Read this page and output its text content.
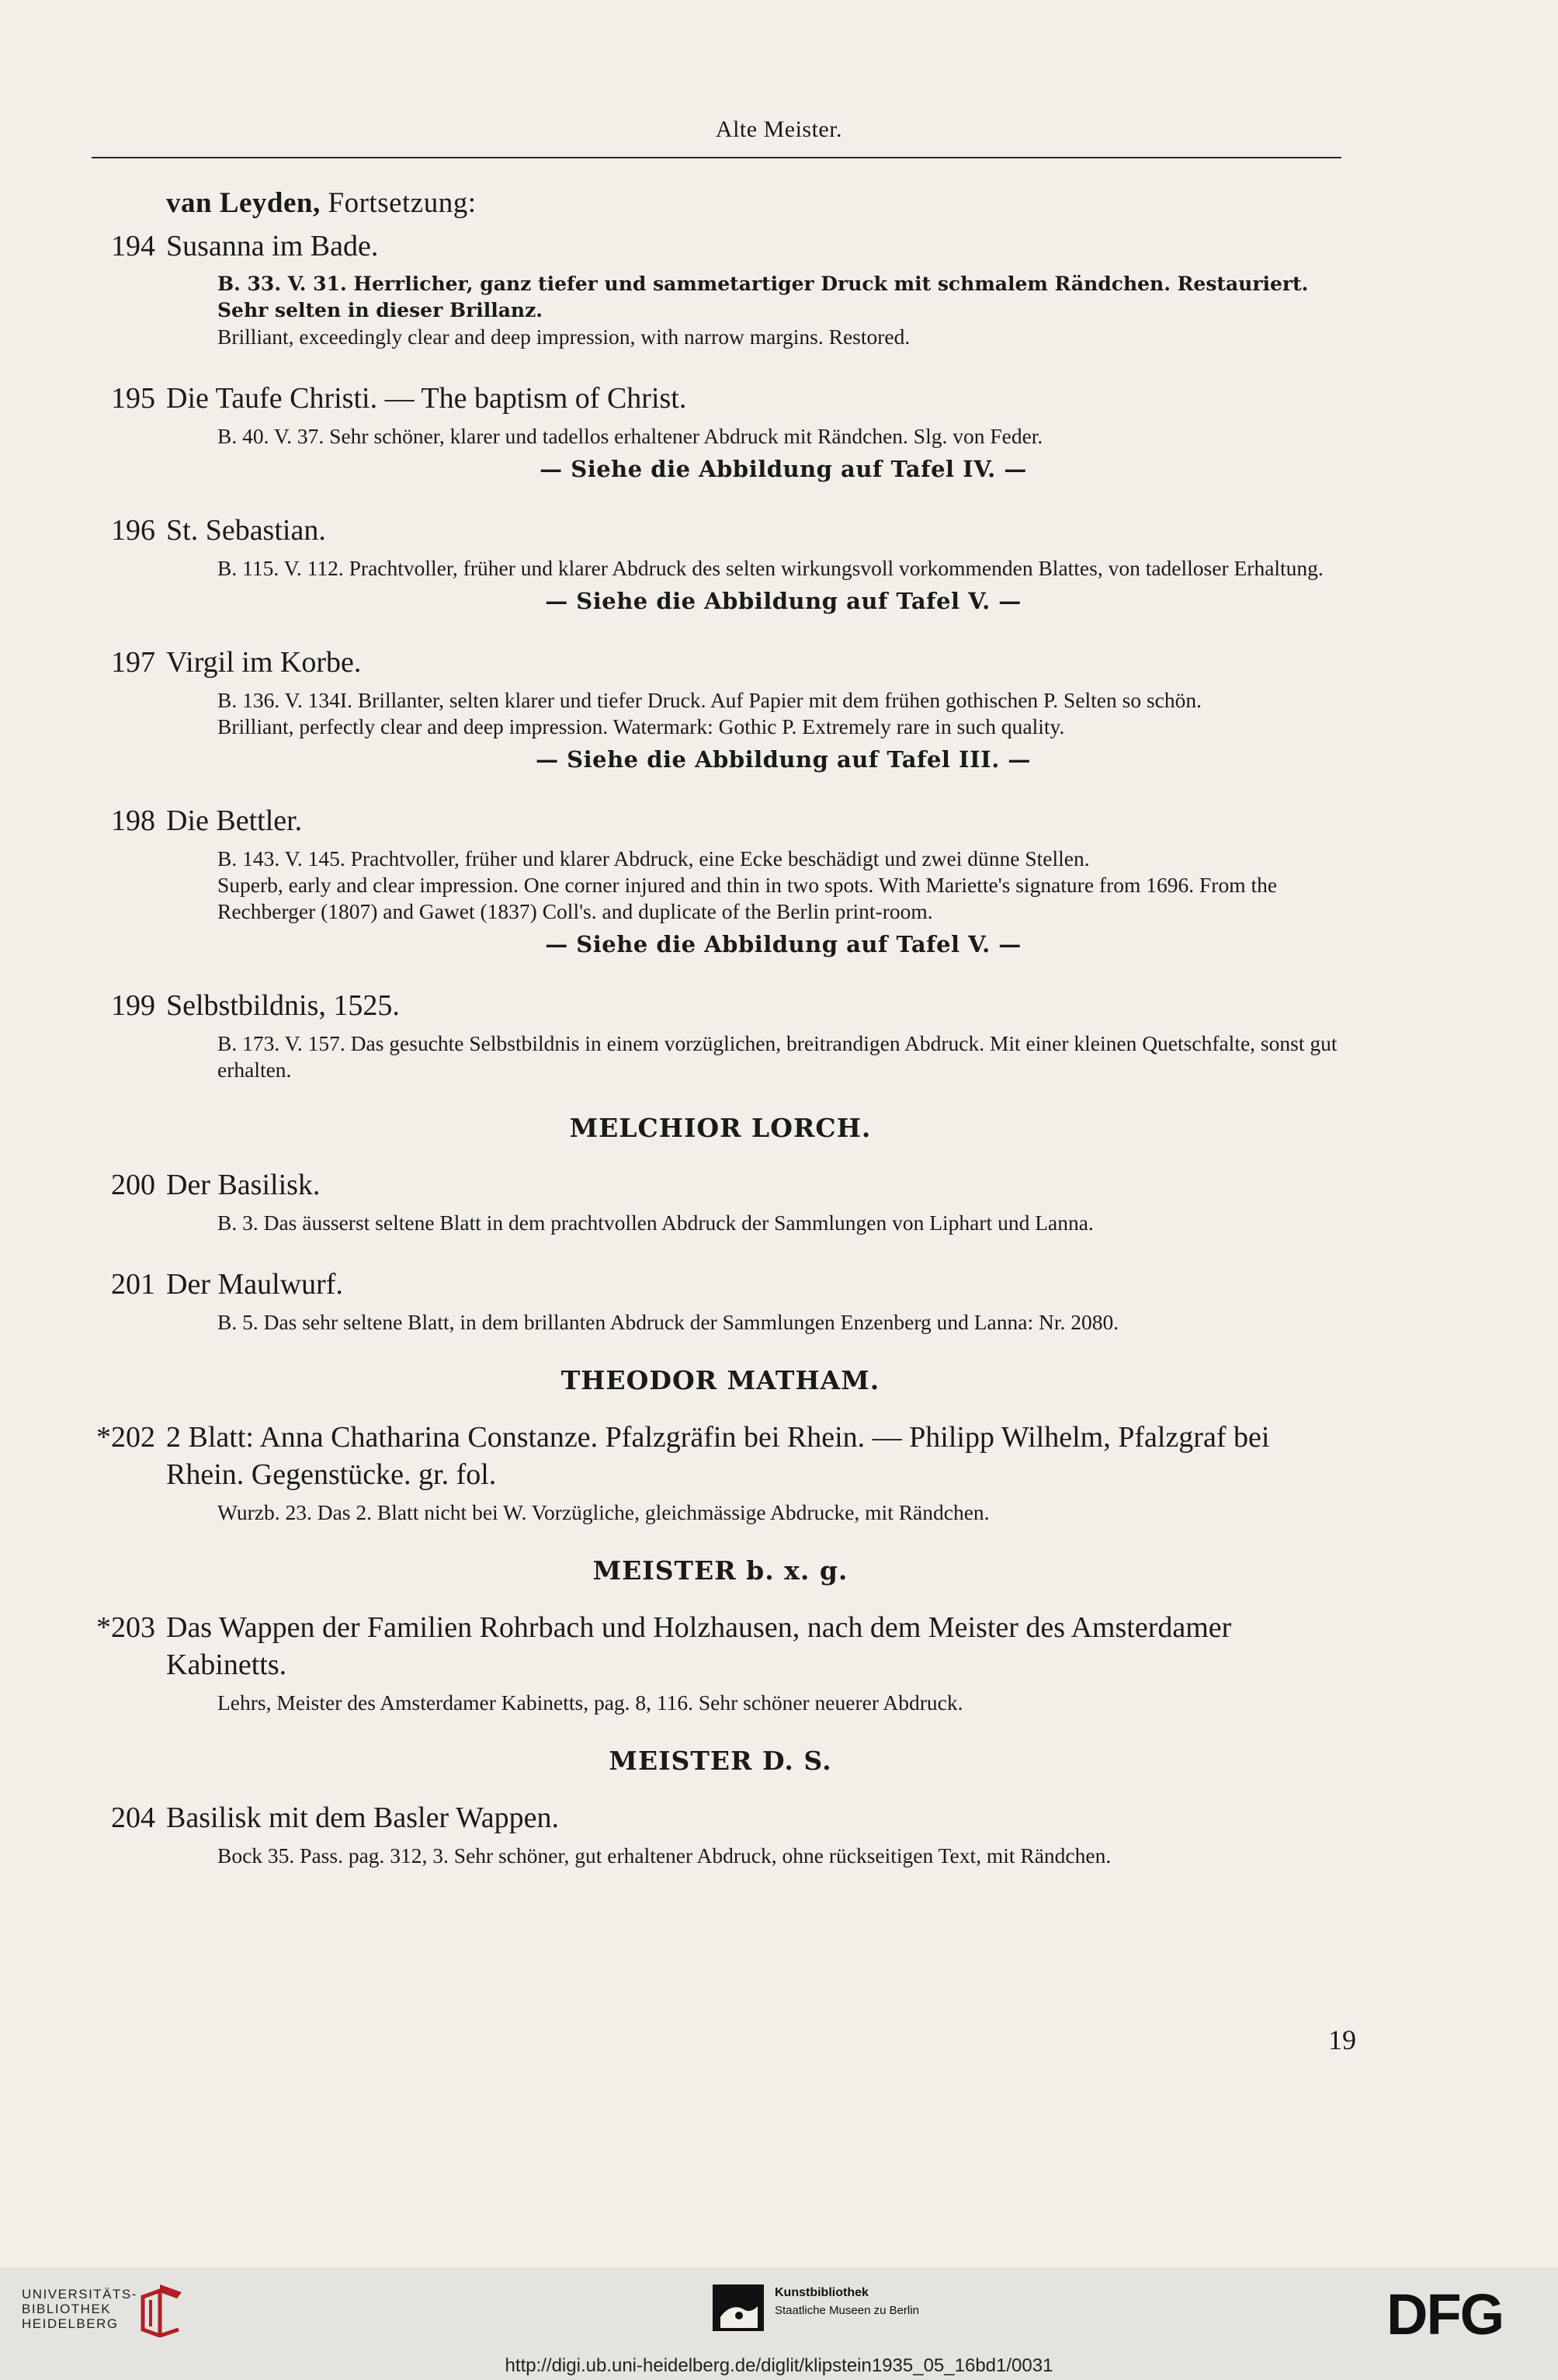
Alte Meister.
van Leyden, Fortsetzung:
194 Susanna im Bade.

B. 33. V. 31. Herrlicher, ganz tiefer und sammetartiger Druck mit schmalem Rändchen. Restauriert. Sehr selten in dieser Brillanz.

Brilliant, exceedingly clear and deep impression, with narrow margins. Restored.

195 Die Taufe Christi. — The baptism of Christ.

B. 40. V. 37. Sehr schöner, klarer und tadellos erhaltener Abdruck mit Rändchen. Slg. von Feder.

— Siehe die Abbildung auf Tafel IV. —
196 St. Sebastian.

B. 115. V. 112. Prachtvoller, früher und klarer Abdruck des selten wirkungsvoll vorkommenden Blattes, von tadelloser Erhaltung.

— Siehe die Abbildung auf Tafel V. —
197 Virgil im Korbe.

B. 136. V. 134I. Brillanter, selten klarer und tiefer Druck. Auf Papier mit dem frühen gothischen P. Selten so schön.

Brilliant, perfectly clear and deep impression. Watermark: Gothic P. Extremely rare in such quality.

— Siehe die Abbildung auf Tafel III. —
198 Die Bettler.

B. 143. V. 145. Prachtvoller, früher und klarer Abdruck, eine Ecke beschädigt und zwei dünne Stellen.

Superb, early and clear impression. One corner injured and thin in two spots. With Mariette's signature from 1696. From the Rechberger (1807) and Gawet (1837) Coll's. and duplicate of the Berlin print-room.

— Siehe die Abbildung auf Tafel V. —
199 Selbstbildnis, 1525.

B. 173. V. 157. Das gesuchte Selbstbildnis in einem vorzüglichen, breitrandigen Abdruck. Mit einer kleinen Quetschfalte, sonst gut erhalten.

MELCHIOR LORCH.
200 Der Basilisk.

B. 3. Das äusserst seltene Blatt in dem prachtvollen Abdruck der Sammlungen von Liphart und Lanna.

201 Der Maulwurf.

B. 5. Das sehr seltene Blatt, in dem brillanten Abdruck der Sammlungen Enzenberg und Lanna: Nr. 2080.

THEODOR MATHAM.
*202 2 Blatt: Anna Chatharina Constanze. Pfalzgräfin bei Rhein. — Philipp Wilhelm, Pfalzgraf bei Rhein. Gegenstücke. gr. fol.

Wurzb. 23. Das 2. Blatt nicht bei W. Vorzügliche, gleichmässige Abdrucke, mit Rändchen.

MEISTER b. x. g.
*203 Das Wappen der Familien Rohrbach und Holzhausen, nach dem Meister des Amsterdamer Kabinetts.

Lehrs, Meister des Amsterdamer Kabinetts, pag. 8, 116. Sehr schöner neuerer Abdruck.

MEISTER D. S.
204 Basilisk mit dem Basler Wappen.

Bock 35. Pass. pag. 312, 3. Sehr schöner, gut erhaltener Abdruck, ohne rückseitigen Text, mit Rändchen.

19
UNIVERSITÄTS-
BIBLIOTHEK
HEIDELBERG
Kunstbibliothek
Staatliche Museen zu Berlin	DFG
http://digi.ub.uni-heidelberg.de/diglit/klipstein1935_05_16bd1/0031
